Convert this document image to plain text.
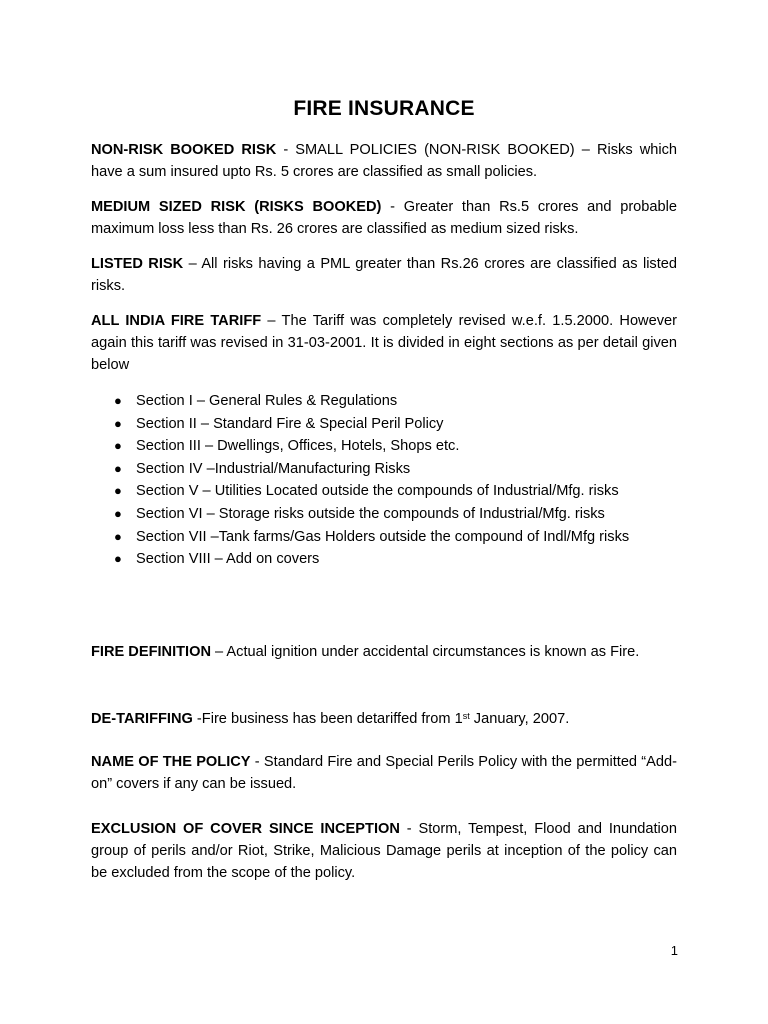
FIRE INSURANCE
NON-RISK BOOKED RISK - SMALL POLICIES (NON-RISK BOOKED) – Risks which have a sum insured upto Rs. 5 crores are classified as small policies.
MEDIUM SIZED RISK (RISKS BOOKED) - Greater than Rs.5 crores and probable maximum loss less than Rs. 26 crores are classified as medium sized risks.
LISTED RISK – All risks having a PML greater than Rs.26 crores are classified as listed risks.
ALL INDIA FIRE TARIFF – The Tariff was completely revised w.e.f. 1.5.2000. However again this tariff was revised in 31-03-2001. It is divided in eight sections as per detail given below
● Section I – General Rules & Regulations
● Section II – Standard Fire & Special Peril Policy
● Section III – Dwellings, Offices, Hotels, Shops etc.
● Section IV –Industrial/Manufacturing Risks
● Section V – Utilities Located outside the compounds of Industrial/Mfg. risks
● Section VI – Storage risks outside the compounds of Industrial/Mfg. risks
● Section VII –Tank farms/Gas Holders outside the compound of Indl/Mfg risks
● Section VIII – Add on covers
FIRE DEFINITION – Actual ignition under accidental circumstances is known as Fire.
DE-TARIFFING -Fire business has been detariffed from 1st January, 2007.
NAME OF THE POLICY - Standard Fire and Special Perils Policy with the permitted “Add-on” covers if any can be issued.
EXCLUSION OF COVER SINCE INCEPTION - Storm, Tempest, Flood and Inundation group of perils and/or Riot, Strike, Malicious Damage perils at inception of the policy can be excluded from the scope of the policy.
1
